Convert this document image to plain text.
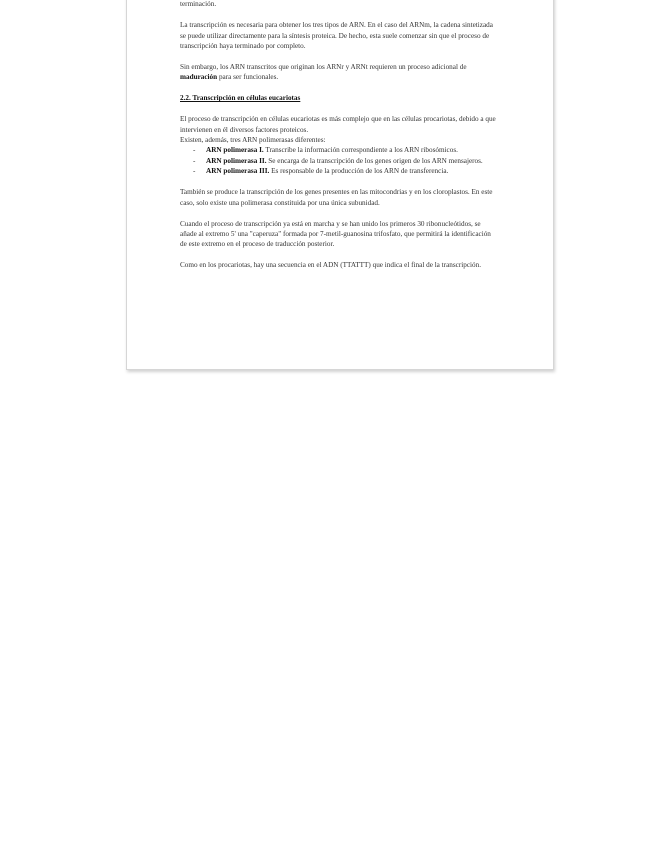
terminación.

La transcripción es necesaria para obtener los tres tipos de ARN. En el caso del ARNm, la cadena sintetizada se puede utilizar directamente para la síntesis proteica. De hecho, esta suele comenzar sin que el proceso de transcripción haya terminado por completo.

Sin embargo, los ARN transcritos que originan los ARNr y ARNt requieren un proceso adicional de maduración para ser funcionales.

2.2. Transcripción en células eucariotas

El proceso de transcripción en células eucariotas es más complejo que en las células procariotas, debido a que intervienen en él diversos factores proteicos.

Existen, además, tres ARN polimerasas diferentes:

-	ARN polimerasa I. Transcribe la información correspondiente a los ARN ribosómicos.
-	ARN polimerasa II. Se encarga de la transcripción de los genes origen de los ARN mensajeros.
-	ARN polimerasa III. Es responsable de la producción de los ARN de transferencia.

También se produce la transcripción de los genes presentes en las mitocondrias y en los cloroplastos. En este caso, solo existe una polimerasa constituida por una única subunidad.

Cuando el proceso de transcripción ya está en marcha y se han unido los primeros 30 ribonucleótidos, se añade al extremo 5' una "caperuza" formada por 7-metil-guanosina trifosfato, que permitirá la identificación de este extremo en el proceso de traducción posterior.

Como en los procariotas, hay una secuencia en el ADN (TTATTT) que indica el final de la transcripción.
